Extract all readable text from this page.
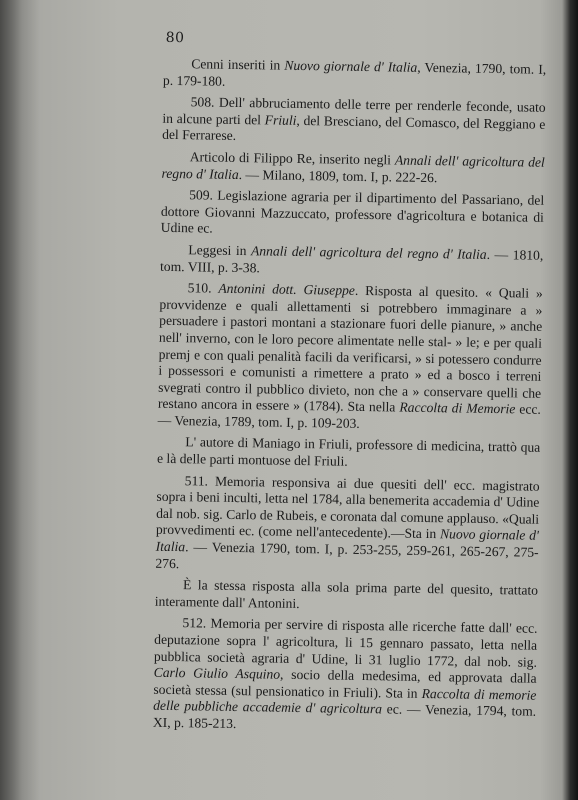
80

Cenni inseriti in Nuovo giornale d' Italia, Venezia, 1790, tom. I, p. 179-180.

508. Dell' abbruciamento delle terre per renderle feconde, usato in alcune parti del Friuli, del Bresciano, del Comasco, del Reggiano e del Ferrarese.

Articolo di Filippo Re, inserito negli Annali dell' agricoltura del regno d' Italia. — Milano, 1809, tom. I, p. 222-26.

509. Legislazione agraria per il dipartimento del Passariano, del dottore Giovanni Mazzuccato, professore d'agricoltura e botanica di Udine ec.

Leggesi in Annali dell' agricoltura del regno d' Italia. — 1810, tom. VIII, p. 3-38.

510. Antonini dott. Giuseppe. Risposta al quesito. « Quali » provvidenze e quali allettamenti si potrebbero immaginare a » persuadere i pastori montani a stazionare fuori delle pianure, » anche nell' inverno, con le loro pecore alimentate nelle stal- » le; e per quali premj e con quali penalità facili da verificarsi, » si potessero condurre i possessori e comunisti a rimettere a prato » ed a bosco i terreni svegrati contro il pubblico divieto, non che a » conservare quelli che restano ancora in essere » (1784). Sta nella Raccolta di Memorie ecc. — Venezia, 1789, tom. I, p. 109-203.

L' autore di Maniago in Friuli, professore di medicina, trattò qua e là delle parti montuose del Friuli.

511. Memoria responsiva ai due quesiti dell' ecc. magistrato sopra i beni inculti, letta nel 1784, alla benemerita accademia d' Udine dal nob. sig. Carlo de Rubeis, e coronata dal comune applauso. «Quali provvedimenti ec. (come nell'antecedente).—Sta in Nuovo giornale d' Italia. — Venezia 1790, tom. I, p. 253-255, 259-261, 265-267, 275-276.

È la stessa risposta alla sola prima parte del quesito, trattato interamente dall' Antonini.

512. Memoria per servire di risposta alle ricerche fatte dall' ecc. deputazione sopra l' agricoltura, li 15 gennaro passato, letta nella pubblica società agraria d' Udine, li 31 luglio 1772, dal nob. sig. Carlo Giulio Asquino, socio della medesima, ed approvata dalla società stessa (sul pensionatico in Friuli). Sta in Raccolta di memorie delle pubbliche accademie d' agricoltura ec. — Venezia, 1794, tom. XI, p. 185-213.
